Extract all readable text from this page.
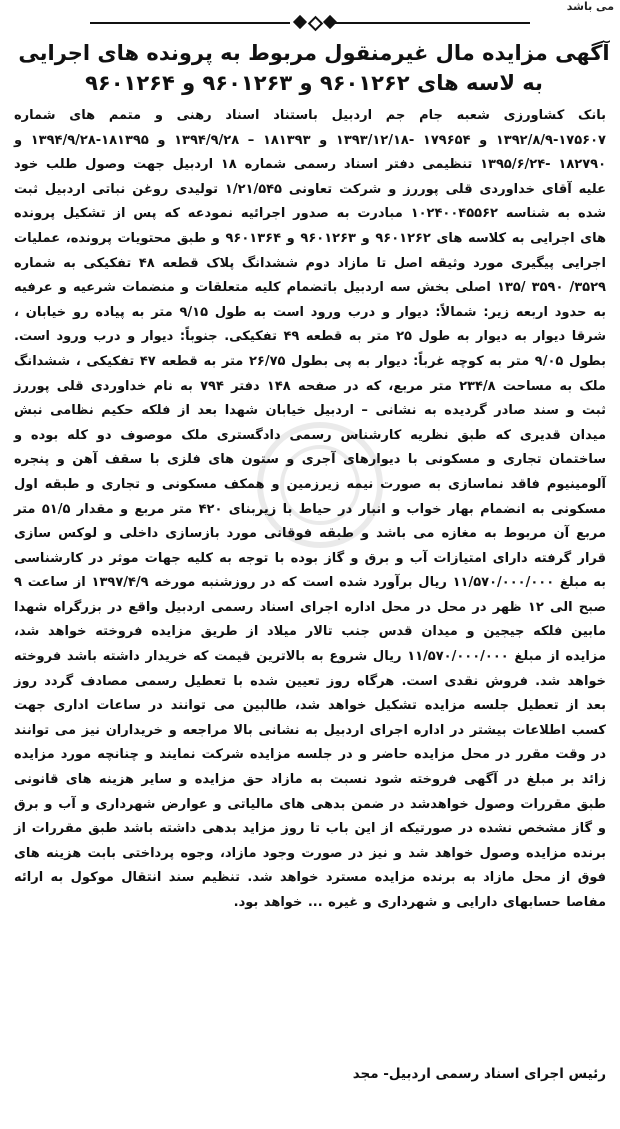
می باشد
آگهی مزایده مال غیرمنقول مربوط به پرونده های اجرایی به لاسه های ۹۶۰۱۲۶۲ و ۹۶۰۱۲۶۳ و ۹۶۰۱۲۶۴
بانک کشاورزی شعبه جام جم اردبیل باستناد اسناد رهنی و متمم های شماره ۱۷۵۶۰۷-۱۳۹۲/۸/۹ و ۱۷۹۶۵۴ -۱۳۹۳/۱۲/۱۸ و ۱۸۱۳۹۳ – ۱۳۹۴/۹/۲۸ و ۱۸۱۳۹۵-۱۳۹۴/۹/۲۸ و ۱۸۲۷۹۰ -۱۳۹۵/۶/۲۴ تنظیمی دفتر اسناد رسمی شماره ۱۸ اردبیل جهت وصول طلب خود علیه آقای خداوردی قلی پوررز و شرکت تعاونی ۱/۲۱/۵۴۵ تولیدی روغن نباتی اردبیل ثبت شده به شناسه ۱۰۲۴۰۰۴۵۵۶۲ مبادرت به صدور اجرائیه نمودعه که پس از تشکیل پرونده های اجرایی به کلاسه های ۹۶۰۱۲۶۲ و ۹۶۰۱۲۶۳ و ۹۶۰۱۳۶۴ و طبق محتویات پرونده، عملیات اجرایی پیگیری مورد وثیقه اصل تا مازاد دوم ششدانگ پلاک قطعه ۴۸ تفکیکی به شماره ۳۵۲۹/ ۳۵۹۰ /۱۳۵ اصلی بخش سه اردبیل باتضمام کلیه متعلقات و منضمات شرعیه و عرفیه به حدود اربعه زیر: شمالاً: دیوار و درب ورود است به طول ۹/۱۵ متر به پیاده رو خیابان ، شرقا دیوار به دیوار به طول ۲۵ متر به قطعه ۴۹ تفکیکی. جنوباً: دیوار و درب ورود است. بطول ۹/۰۵ متر به کوچه غرباً: دیوار به پی بطول ۲۶/۷۵ متر به قطعه ۴۷ تفکیکی ، ششدانگ ملک به مساحت ۲۳۴/۸ متر مربع، که در صفحه ۱۴۸ دفتر ۷۹۴ به نام خداوردی قلی پوررز ثبت و سند صادر گردیده به نشانی – اردبیل خیابان شهدا بعد از فلکه حکیم نظامی نبش میدان قدیری که طبق نظریه کارشناس رسمی دادگستری ملک موصوف دو کله بوده و ساختمان تجاری و مسکونی با دیوارهای آجری و ستون های فلزی با سقف آهن و پنجره آلومینیوم فاقد نماسازی به صورت نیمه زیرزمین و همکف مسکونی و تجاری و طبقه اول مسکونی به انضمام بهار خواب و انبار در حیاط با زیربنای ۴۲۰ متر مربع و مقدار ۵۱/۵ متر مربع آن مربوط به مغازه می باشد و طبقه فوقانی مورد بازسازی داخلی و لوکس سازی قرار گرفته دارای امتیازات آب و برق و گاز بوده با توجه به کلیه جهات موثر در کارشناسی به مبلغ ۱۱/۵۷۰/۰۰۰/۰۰۰ ریال برآورد شده است که در روزشنبه مورخه ۱۳۹۷/۴/۹ از ساعت ۹ صبح الی ۱۲ ظهر در محل در محل اداره اجرای اسناد رسمی اردبیل واقع در بزرگراه شهدا مابین فلکه جیجین و میدان قدس جنب تالار میلاد از طریق مزایده فروخته خواهد شد، مزایده از مبلغ ۱۱/۵۷۰/۰۰۰/۰۰۰ ریال شروع به بالاترین قیمت که خریدار داشته باشد فروخته خواهد شد. فروش نقدی است. هرگاه روز تعیین شده با تعطیل رسمی مصادف گردد روز بعد از تعطیل جلسه مزایده تشکیل خواهد شد، طالبین می توانند در ساعات اداری جهت کسب اطلاعات بیشتر در اداره اجرای اردبیل به نشانی بالا مراجعه و خریداران نیز می توانند در وقت مقرر در محل مزایده حاضر و در جلسه مزایده شرکت نمایند و چنانچه مورد مزایده زائد بر مبلغ در آگهی فروخته شود نسبت به مازاد حق مزایده و سایر هزینه های قانونی طبق مقررات وصول خواهدشد در ضمن بدهی های مالیاتی و عوارض شهرداری و آب و برق و گاز مشخص نشده در صورتیکه از این باب تا روز مزاید بدهی داشته باشد طبق مقررات از برنده مزایده وصول خواهد شد و نیز در صورت وجود مازاد، وجوه پرداختی بابت هزینه های فوق از محل مازاد به برنده مزایده مسترد خواهد شد. تنظیم سند انتقال موکول به ارائه مفاصا حسابهای دارایی و شهرداری و غیره ... خواهد بود.
رئیس اجرای اسناد رسمی اردبیل- مجد
